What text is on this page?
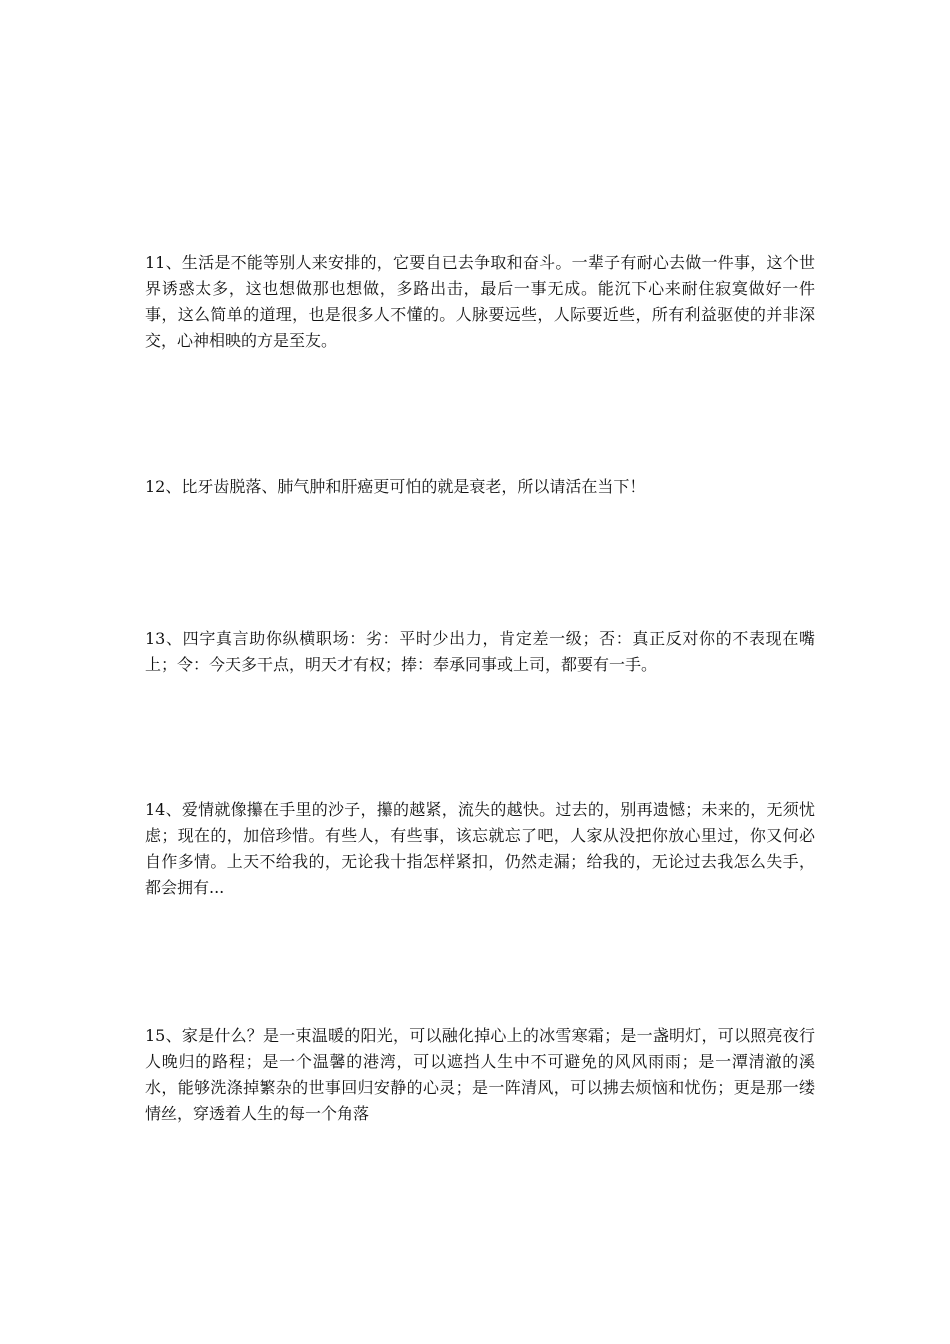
11、生活是不能等别人来安排的，它要自已去争取和奋斗。一辈子有耐心去做一件事，这个世界诱惑太多，这也想做那也想做，多路出击，最后一事无成。能沉下心来耐住寂寞做好一件事，这么简单的道理，也是很多人不懂的。人脉要远些，人际要近些，所有利益驱使的并非深交，心神相映的方是至友。

12、比牙齿脱落、肺气肿和肝癌更可怕的就是衰老，所以请活在当下！

13、四字真言助你纵横职场：劣：平时少出力，肯定差一级；否：真正反对你的不表现在嘴上；令：今天多干点，明天才有权；捧：奉承同事或上司，都要有一手。

14、爱情就像攥在手里的沙子，攥的越紧，流失的越快。过去的，别再遗憾；未来的，无须忧虑；现在的，加倍珍惜。有些人，有些事，该忘就忘了吧，人家从没把你放心里过，你又何必自作多情。上天不给我的，无论我十指怎样紧扣，仍然走漏；给我的，无论过去我怎么失手，都会拥有...

15、家是什么？是一束温暖的阳光，可以融化掉心上的冰雪寒霜；是一盏明灯，可以照亮夜行人晚归的路程；是一个温馨的港湾，可以遮挡人生中不可避免的风风雨雨；是一潭清澈的溪水，能够洗涤掉繁杂的世事回归安静的心灵；是一阵清风，可以拂去烦恼和忧伤；更是那一缕情丝，穿透着人生的每一个角落
